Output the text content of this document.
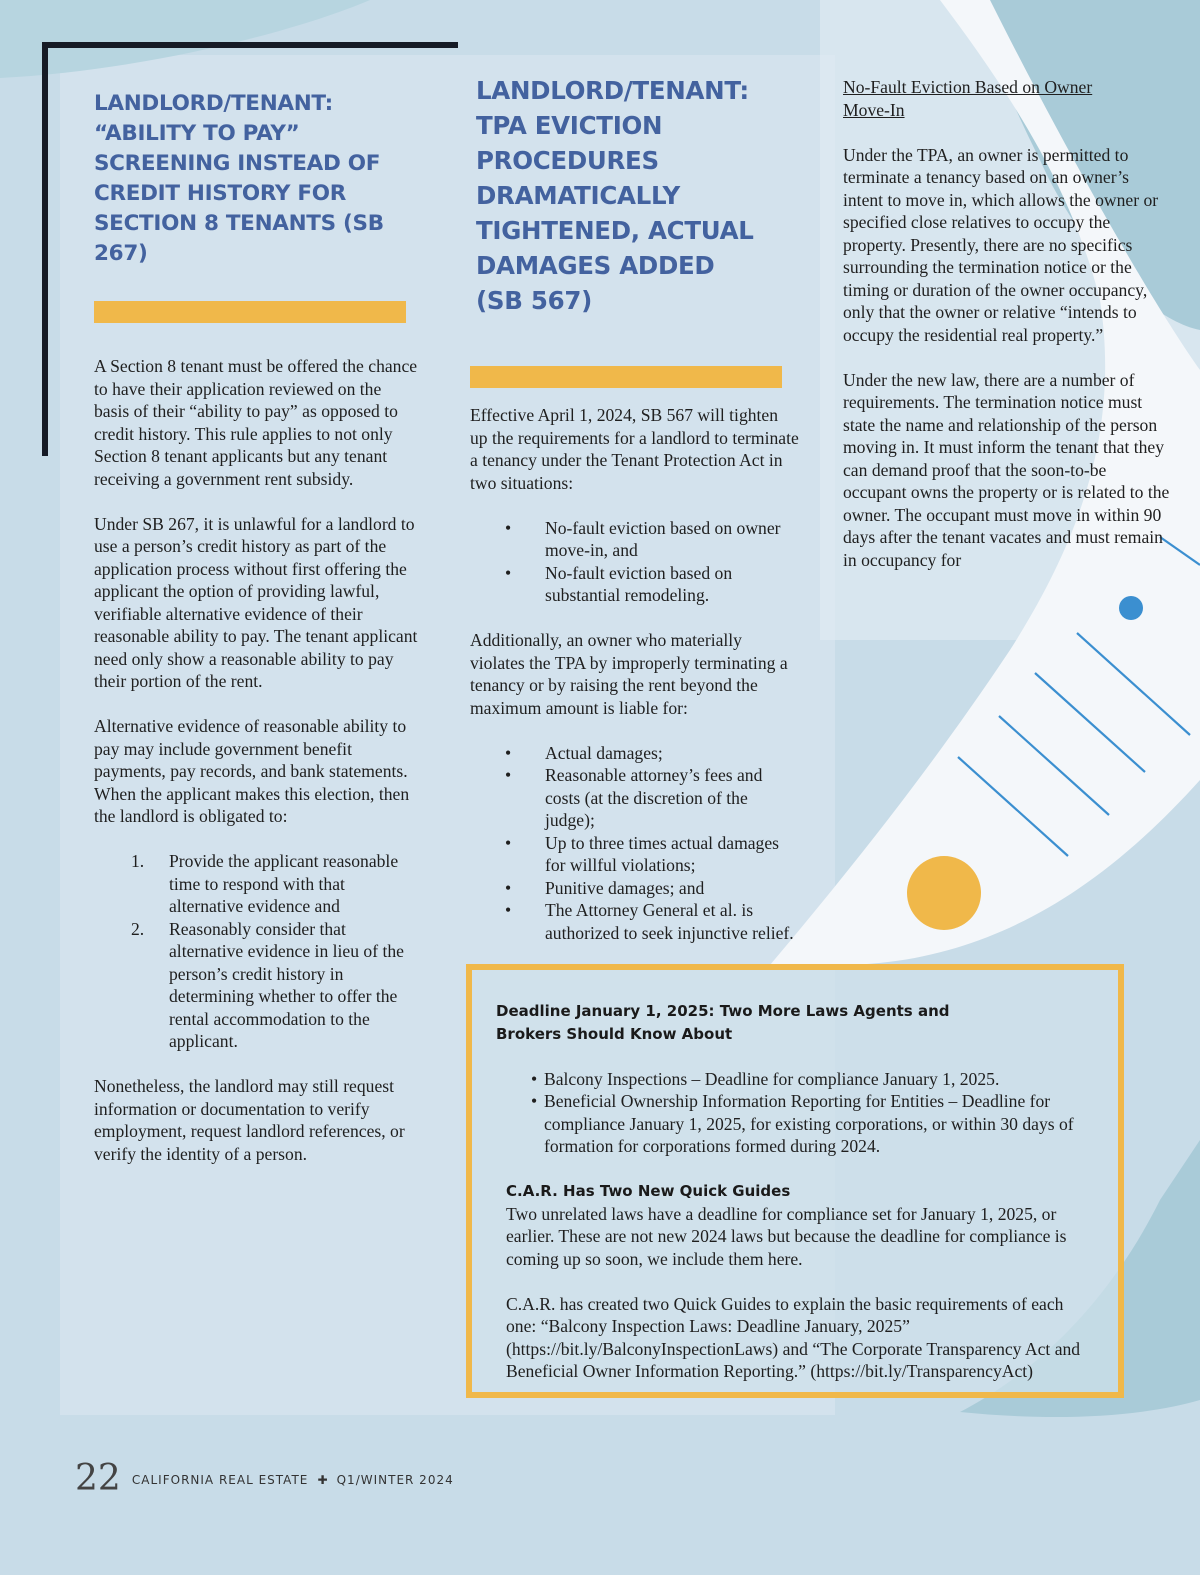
LANDLORD/TENANT: “ABILITY TO PAY” SCREENING INSTEAD OF CREDIT HISTORY FOR SECTION 8 TENANTS (SB 267)

A Section 8 tenant must be offered the chance to have their application reviewed on the basis of their “ability to pay” as opposed to credit history. This rule applies to not only Section 8 tenant applicants but any tenant receiving a government rent subsidy.

Under SB 267, it is unlawful for a landlord to use a person’s credit history as part of the application process without first offering the applicant the option of providing lawful, verifiable alternative evidence of their reasonable ability to pay. The tenant applicant need only show a reasonable ability to pay their portion of the rent.

Alternative evidence of reasonable ability to pay may include government benefit payments, pay records, and bank statements. When the applicant makes this election, then the landlord is obligated to:

1. Provide the applicant reasonable time to respond with that alternative evidence and
2. Reasonably consider that alternative evidence in lieu of the person’s credit history in determining whether to offer the rental accommodation to the applicant.

Nonetheless, the landlord may still request information or documentation to verify employment, request landlord references, or verify the identity of a person.

LANDLORD/TENANT: TPA EVICTION PROCEDURES DRAMATICALLY TIGHTENED, ACTUAL DAMAGES ADDED (SB 567)

Effective April 1, 2024, SB 567 will tighten up the requirements for a landlord to terminate a tenancy under the Tenant Protection Act in two situations:

• No-fault eviction based on owner move-in, and
• No-fault eviction based on substantial remodeling.

Additionally, an owner who materially violates the TPA by improperly terminating a tenancy or by raising the rent beyond the maximum amount is liable for:

• Actual damages;
• Reasonable attorney’s fees and costs (at the discretion of the judge);
• Up to three times actual damages for willful violations;
• Punitive damages; and
• The Attorney General et al. is authorized to seek injunctive relief.

No-Fault Eviction Based on Owner Move-In

Under the TPA, an owner is permitted to terminate a tenancy based on an owner’s intent to move in, which allows the owner or specified close relatives to occupy the property. Presently, there are no specifics surrounding the termination notice or the timing or duration of the owner occupancy, only that the owner or relative “intends to occupy the residential real property.”

Under the new law, there are a number of requirements. The termination notice must state the name and relationship of the person moving in. It must inform the tenant that they can demand proof that the soon-to-be occupant owns the property or is related to the owner. The occupant must move in within 90 days after the tenant vacates and must remain in occupancy for

Deadline January 1, 2025: Two More Laws Agents and Brokers Should Know About

• Balcony Inspections – Deadline for compliance January 1, 2025.
• Beneficial Ownership Information Reporting for Entities – Deadline for compliance January 1, 2025, for existing corporations, or within 30 days of formation for corporations formed during 2024.

C.A.R. Has Two New Quick Guides

Two unrelated laws have a deadline for compliance set for January 1, 2025, or earlier. These are not new 2024 laws but because the deadline for compliance is coming up so soon, we include them here.

C.A.R. has created two Quick Guides to explain the basic requirements of each one: “Balcony Inspection Laws: Deadline January, 2025” (https://bit.ly/BalconyInspectionLaws) and “The Corporate Transparency Act and Beneficial Owner Information Reporting.” (https://bit.ly/TransparencyAct)

22 $^{CALIFORNIA REAL ESTATE}$ ✚ $^{Q1/WINTER 2024}$
